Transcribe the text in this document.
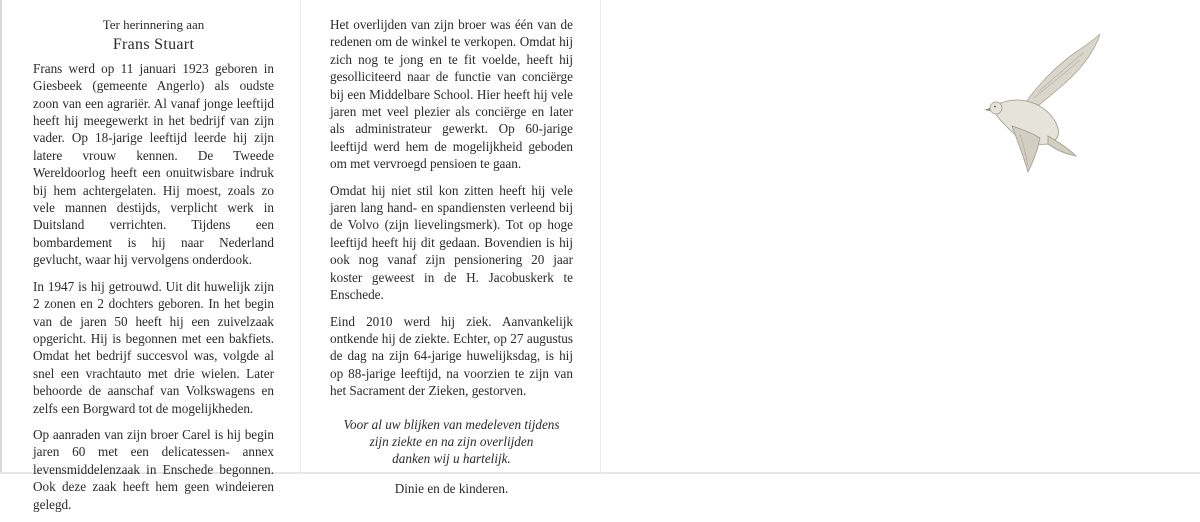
Ter herinnering aan
Frans Stuart

Frans werd op 11 januari 1923 geboren in Giesbeek (gemeente Angerlo) als oudste zoon van een agrariër. Al vanaf jonge leeftijd heeft hij meegewerkt in het bedrijf van zijn vader. Op 18-jarige leeftijd leerde hij zijn latere vrouw kennen. De Tweede Wereldoorlog heeft een onuitwisbare indruk bij hem achtergelaten. Hij moest, zoals zo vele mannen destijds, verplicht werk in Duitsland verrichten. Tijdens een bombardement is hij naar Nederland gevlucht, waar hij vervolgens onderdook.

In 1947 is hij getrouwd. Uit dit huwelijk zijn 2 zonen en 2 dochters geboren. In het begin van de jaren 50 heeft hij een zuivelzaak opgericht. Hij is begonnen met een bakfiets. Omdat het bedrijf succesvol was, volgde al snel een vrachtauto met drie wielen. Later behoorde de aanschaf van Volkswagens en zelfs een Borgward tot de mogelijkheden.

Op aanraden van zijn broer Carel is hij begin jaren 60 met een delicatessen- annex levensmiddelenzaak in Enschede begonnen. Ook deze zaak heeft hem geen windeieren gelegd.

Het overlijden van zijn broer was één van de redenen om de winkel te verkopen. Omdat hij zich nog te jong en te fit voelde, heeft hij gesolliciteerd naar de functie van conciërge bij een Middelbare School. Hier heeft hij vele jaren met veel plezier als conciërge en later als administrateur gewerkt. Op 60-jarige leeftijd werd hem de mogelijkheid geboden om met vervroegd pensioen te gaan.

Omdat hij niet stil kon zitten heeft hij vele jaren lang hand- en spandiensten verleend bij de Volvo (zijn lievelingsmerk). Tot op hoge leeftijd heeft hij dit gedaan. Bovendien is hij ook nog vanaf zijn pensionering 20 jaar koster geweest in de H. Jacobuskerk te Enschede.

Eind 2010 werd hij ziek. Aanvankelijk ontkende hij de ziekte. Echter, op 27 augustus de dag na zijn 64-jarige huwelijksdag, is hij op 88-jarige leeftijd, na voorzien te zijn van het Sacrament der Zieken, gestorven.

Voor al uw blijken van medeleven tijdens
zijn ziekte en na zijn overlijden
danken wij u hartelijk.
Dinie en de kinderen.
